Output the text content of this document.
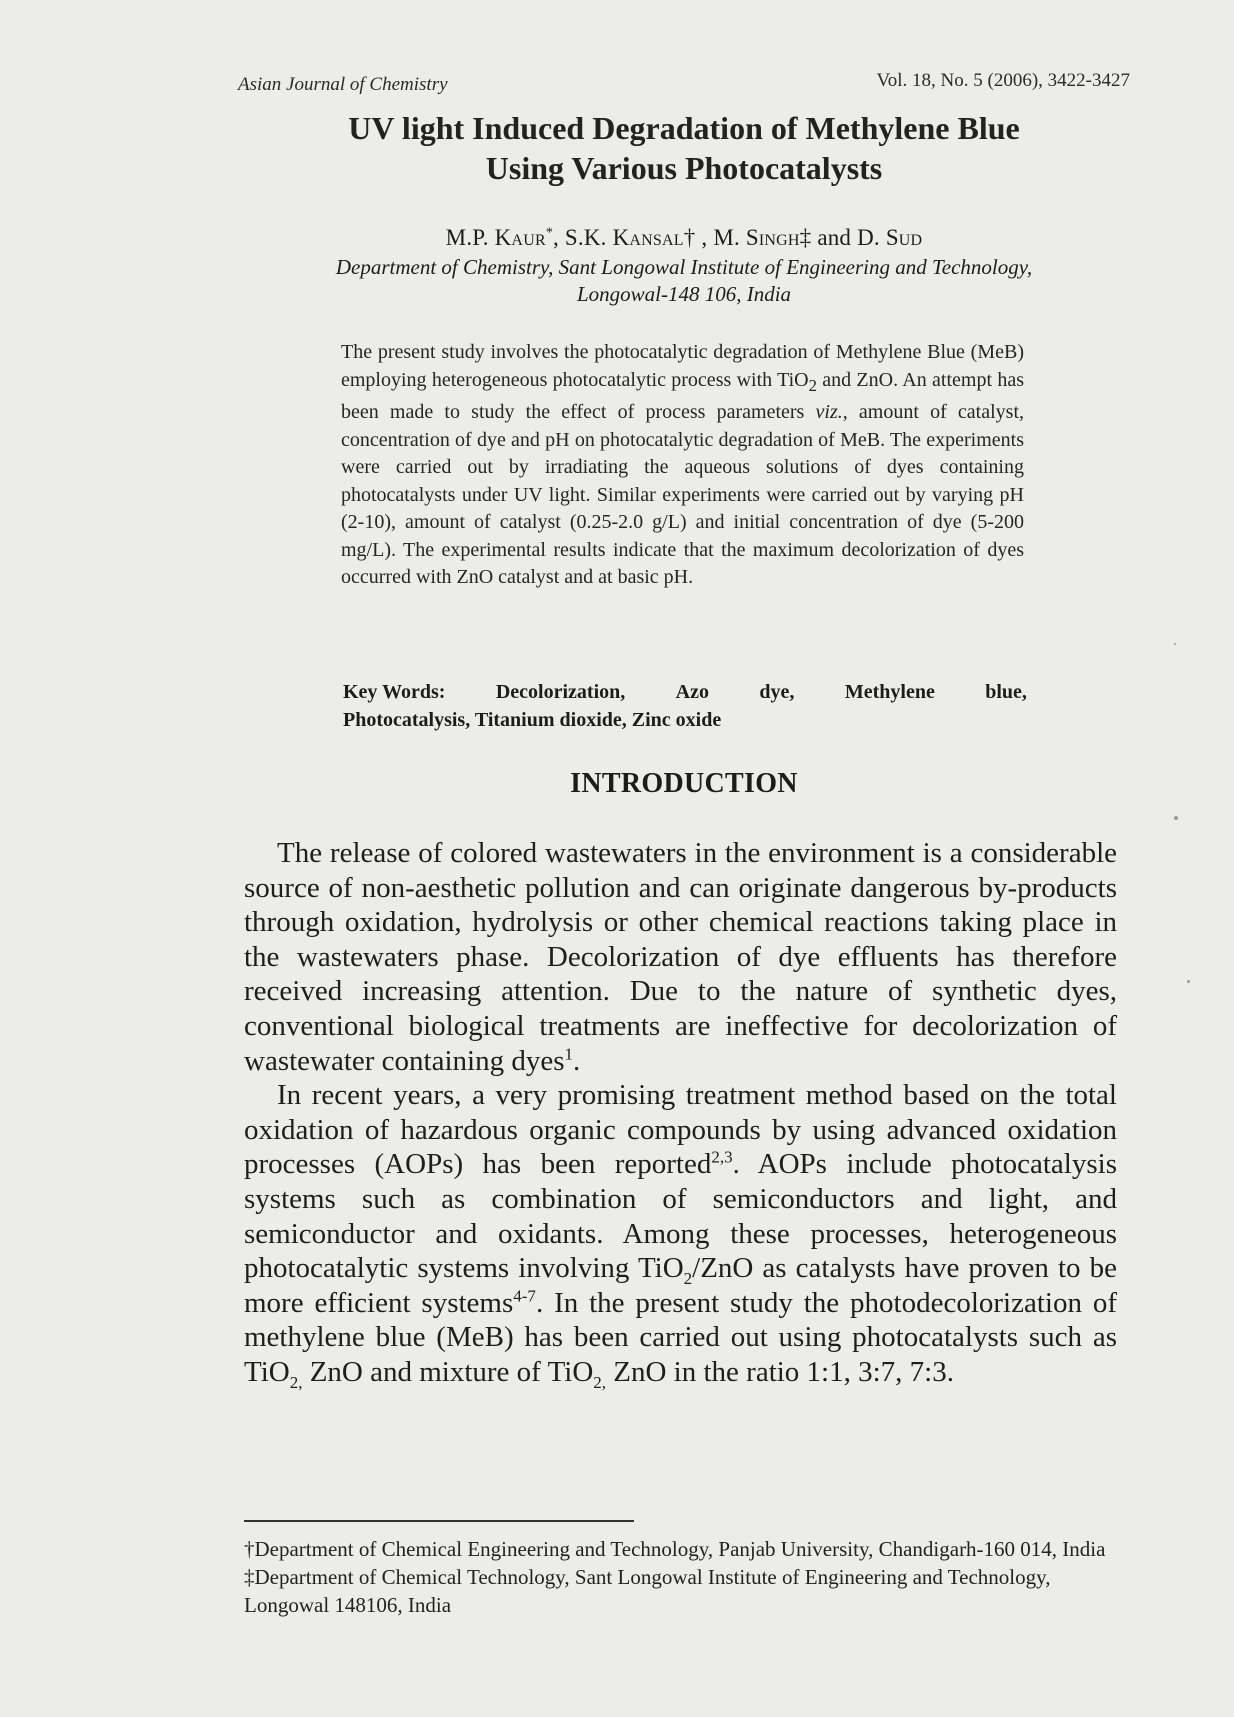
Asian Journal of Chemistry	Vol. 18, No. 5 (2006), 3422-3427
UV light Induced Degradation of Methylene Blue
Using Various Photocatalysts
M.P. Kaur*, S.K. Kansal† , M. Singh‡ and D. Sud
Department of Chemistry, Sant Longowal Institute of Engineering and Technology,
Longowal-148 106, India

The present study involves the photocatalytic degradation of Methylene Blue (MeB) employing heterogeneous photocatalytic process with TiO$_2$ and ZnO. An attempt has been made to study the effect of process parameters viz., amount of catalyst, concentration of dye and pH on photocatalytic degradation of MeB. The experiments were carried out by irradiating the aqueous solutions of dyes containing photocatalysts under UV light. Similar experiments were carried out by varying pH (2-10), amount of catalyst (0.25-2.0 g/L) and initial concentration of dye (5-200 mg/L). The experimental results indicate that the maximum decolorization of dyes occurred with ZnO catalyst and at basic pH.

Key Words:	Decolorization,	Azo	dye,	Methylene	blue,
Photocatalysis, Titanium dioxide, Zinc oxide
INTRODUCTION

The release of colored wastewaters in the environment is a considerable source of non-aesthetic pollution and can originate dangerous by-products through oxidation, hydrolysis or other chemical reactions taking place in the wastewaters phase. Decolorization of dye effluents has therefore received increasing attention. Due to the nature of synthetic dyes, conventional biological treatments are ineffective for decolorization of wastewater containing dyes$^1$.

In recent years, a very promising treatment method based on the total oxidation of hazardous organic compounds by using advanced oxidation processes (AOPs) has been reported$^{2,3}$. AOPs include photocatalysis systems such as combination of semiconductors and light, and semiconductor and oxidants. Among these processes, heterogeneous photocatalytic systems involving TiO$_2$/ZnO as catalysts have proven to be more efficient systems$^{4-7}$. In the present study the photodecolorization of methylene blue (MeB) has been carried out using photocatalysts such as TiO$_{2,}$ ZnO and mixture of TiO$_{2,}$ ZnO in the ratio 1:1, 3:7, 7:3.

†Department of Chemical Engineering and Technology, Panjab University, Chandigarh-160 014, India

‡Department of Chemical Technology, Sant Longowal Institute of Engineering and Technology, Longowal 148106, India
